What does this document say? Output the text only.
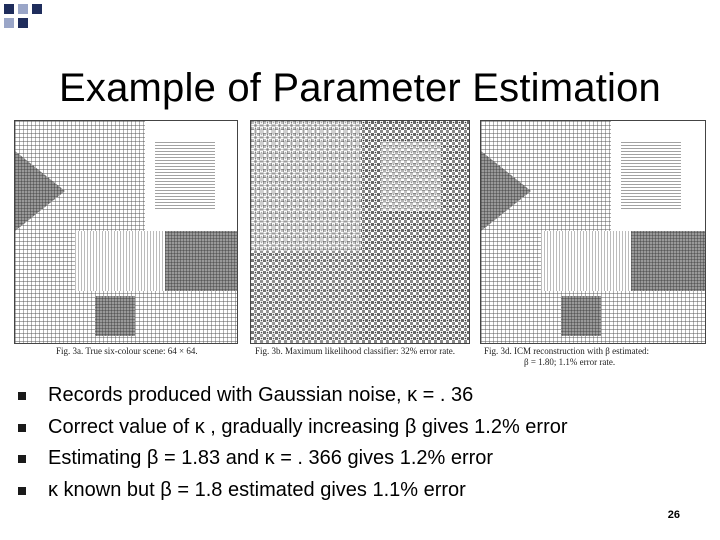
Example of Parameter Estimation
Fig. 3a. True six-colour scene: 64 × 64.	Fig. 3b. Maximum likelihood classifier: 32% error rate.	Fig. 3d. ICM reconstruction with β estimated:
β = 1.80; 1.1% error rate.
Records produced with Gaussian noise, κ = . 36
Correct value of κ , gradually increasing β gives 1.2% error
Estimating β = 1.83 and κ = . 366 gives 1.2% error
κ known but β = 1.8 estimated gives 1.1% error
26
